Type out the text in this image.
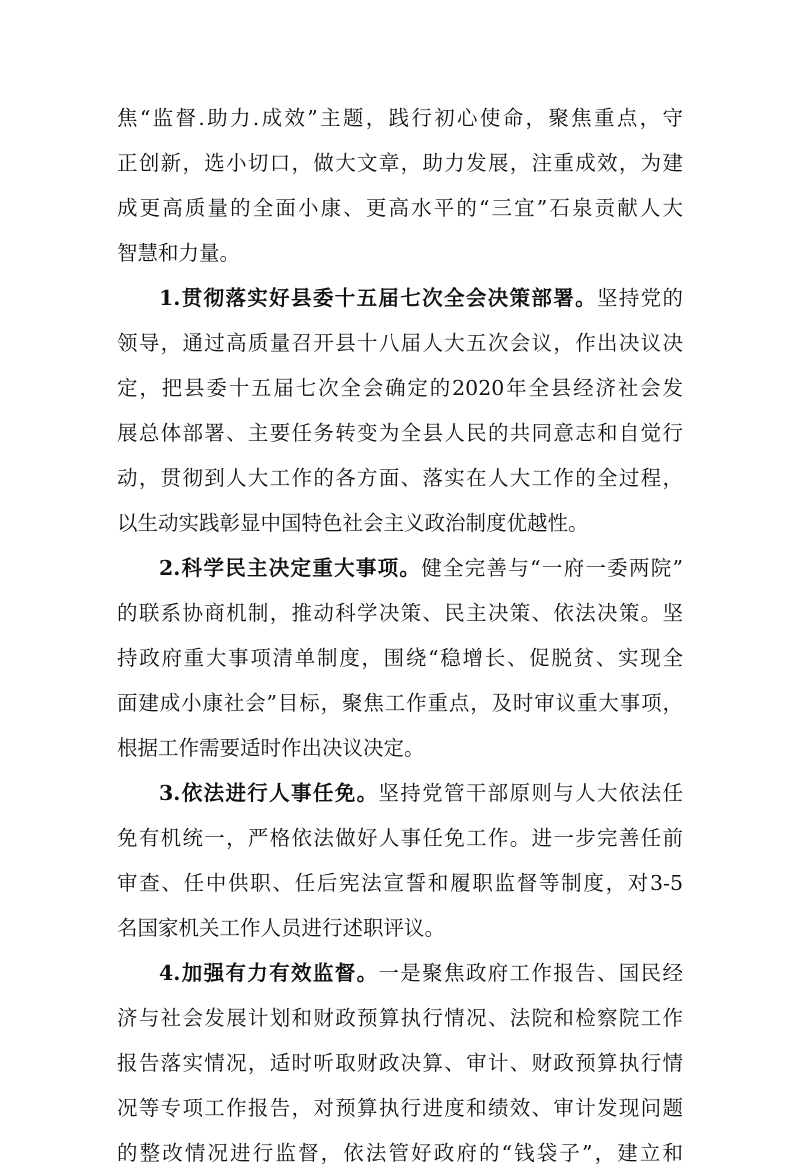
焦“监督.助力.成效”主题，践行初心使命，聚焦重点，守
正创新，选小切口，做大文章，助力发展，注重成效，为建
成更高质量的全面小康、更高水平的“三宜”石泉贡献人大
智慧和力量。
1.贯彻落实好县委十五届七次全会决策部署。坚持党的
领导，通过高质量召开县十八届人大五次会议，作出决议决
定，把县委十五届七次全会确定的2020年全县经济社会发
展总体部署、主要任务转变为全县人民的共同意志和自觉行
动，贯彻到人大工作的各方面、落实在人大工作的全过程，
以生动实践彰显中国特色社会主义政治制度优越性。
2.科学民主决定重大事项。健全完善与“一府一委两院”
的联系协商机制，推动科学决策、民主决策、依法决策。坚
持政府重大事项清单制度，围绕“稳增长、促脱贫、实现全
面建成小康社会”目标，聚焦工作重点，及时审议重大事项，
根据工作需要适时作出决议决定。
3.依法进行人事任免。坚持党管干部原则与人大依法任
免有机统一，严格依法做好人事任免工作。进一步完善任前
审查、任中供职、任后宪法宣誓和履职监督等制度，对3-5
名国家机关工作人员进行述职评议。
4.加强有力有效监督。一是聚焦政府工作报告、国民经
济与社会发展计划和财政预算执行情况、法院和检察院工作
报告落实情况，适时听取财政决算、审计、财政预算执行情
况等专项工作报告，对预算执行进度和绩效、审计发现问题
的整改情况进行监督，依法管好政府的“钱袋子”，建立和
